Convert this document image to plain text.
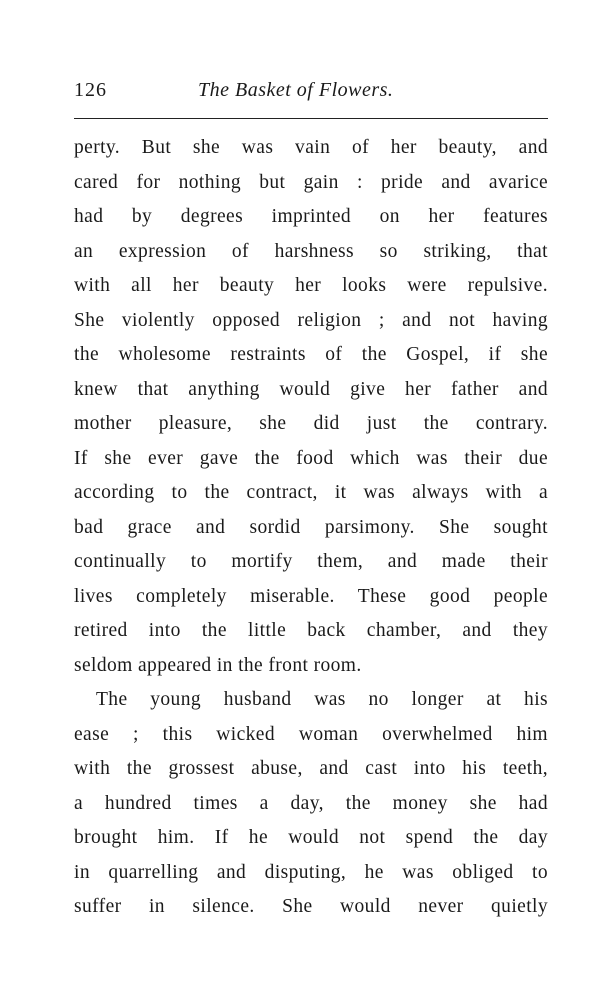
126	The Basket of Flowers.
perty. But she was vain of her beauty, and
cared for nothing but gain : pride and avarice
had by degrees imprinted on her features
an expression of harshness so striking, that
with all her beauty her looks were repulsive.
She violently opposed religion ; and not having
the wholesome restraints of the Gospel, if she
knew that anything would give her father and
mother pleasure, she did just the contrary.
If she ever gave the food which was their due
according to the contract, it was always with a
bad grace and sordid parsimony. She sought
continually to mortify them, and made their
lives completely miserable. These good people
retired into the little back chamber, and they
seldom appeared in the front room.
The young husband was no longer at his
ease ; this wicked woman overwhelmed him
with the grossest abuse, and cast into his teeth,
a hundred times a day, the money she had
brought him. If he would not spend the day
in quarrelling and disputing, he was obliged to
suffer in silence. She would never quietly
